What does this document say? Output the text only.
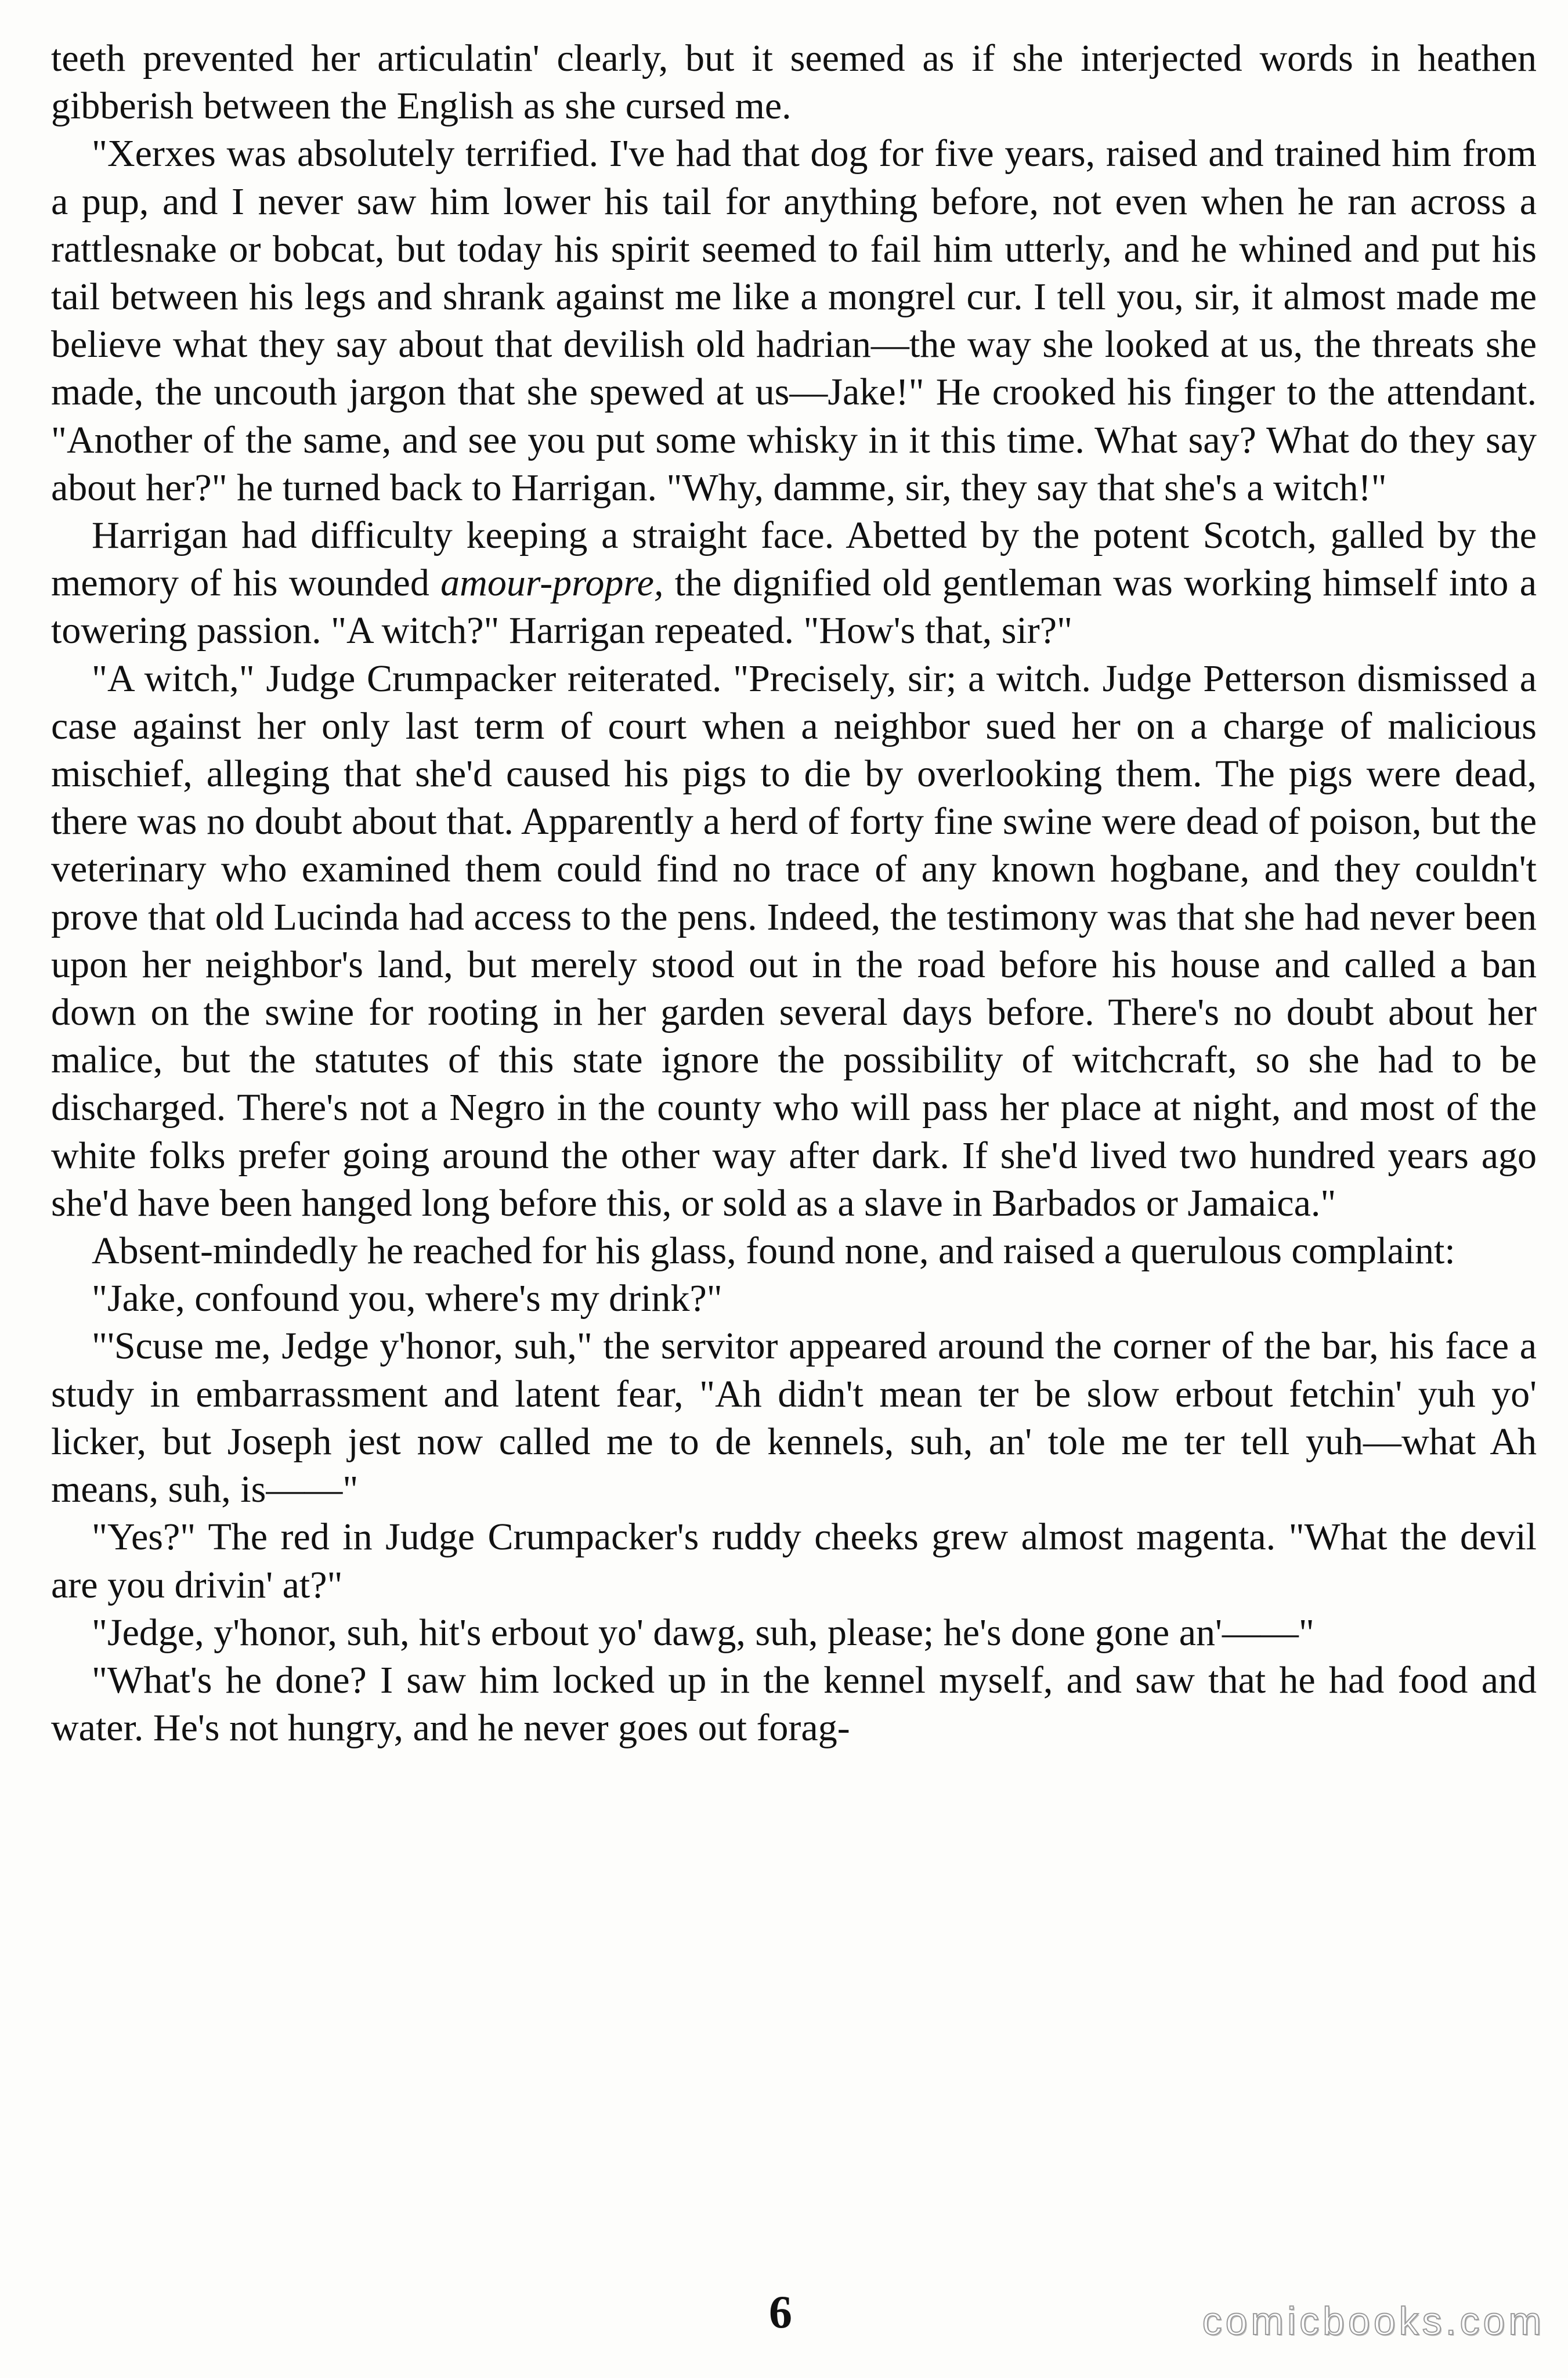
teeth prevented her articulatin' clearly, but it seemed as if she interjected words in heathen gibberish between the English as she cursed me.

"Xerxes was absolutely terrified. I've had that dog for five years, raised and trained him from a pup, and I never saw him lower his tail for anything before, not even when he ran across a rattlesnake or bobcat, but today his spirit seemed to fail him utterly, and he whined and put his tail between his legs and shrank against me like a mongrel cur. I tell you, sir, it almost made me believe what they say about that devilish old hadrian—the way she looked at us, the threats she made, the uncouth jargon that she spewed at us—Jake!" He crooked his finger to the attendant. "Another of the same, and see you put some whisky in it this time. What say? What do they say about her?" he turned back to Harrigan. "Why, damme, sir, they say that she's a witch!"

Harrigan had difficulty keeping a straight face. Abetted by the potent Scotch, galled by the memory of his wounded amour-propre, the dignified old gentleman was working himself into a towering passion. "A witch?" Harrigan repeated. "How's that, sir?"

"A witch," Judge Crumpacker reiterated. "Precisely, sir; a witch. Judge Petterson dismissed a case against her only last term of court when a neighbor sued her on a charge of malicious mischief, alleging that she'd caused his pigs to die by overlooking them. The pigs were dead, there was no doubt about that. Apparently a herd of forty fine swine were dead of poison, but the veterinary who examined them could find no trace of any known hogbane, and they couldn't prove that old Lucinda had access to the pens. Indeed, the testimony was that she had never been upon her neighbor's land, but merely stood out in the road before his house and called a ban down on the swine for rooting in her garden several days before. There's no doubt about her malice, but the statutes of this state ignore the possibility of witchcraft, so she had to be discharged. There's not a Negro in the county who will pass her place at night, and most of the white folks prefer going around the other way after dark. If she'd lived two hundred years ago she'd have been hanged long before this, or sold as a slave in Barbados or Jamaica."

Absent-mindedly he reached for his glass, found none, and raised a querulous complaint:

"Jake, confound you, where's my drink?"

"'Scuse me, Jedge y'honor, suh," the servitor appeared around the corner of the bar, his face a study in embarrassment and latent fear, "Ah didn't mean ter be slow erbout fetchin' yuh yo' licker, but Joseph jest now called me to de kennels, suh, an' tole me ter tell yuh—what Ah means, suh, is——"

"Yes?" The red in Judge Crumpacker's ruddy cheeks grew almost magenta. "What the devil are you drivin' at?"

"Jedge, y'honor, suh, hit's erbout yo' dawg, suh, please; he's done gone an'——"

"What's he done? I saw him locked up in the kennel myself, and saw that he had food and water. He's not hungry, and he never goes out forag-

6	comicbooks.com
